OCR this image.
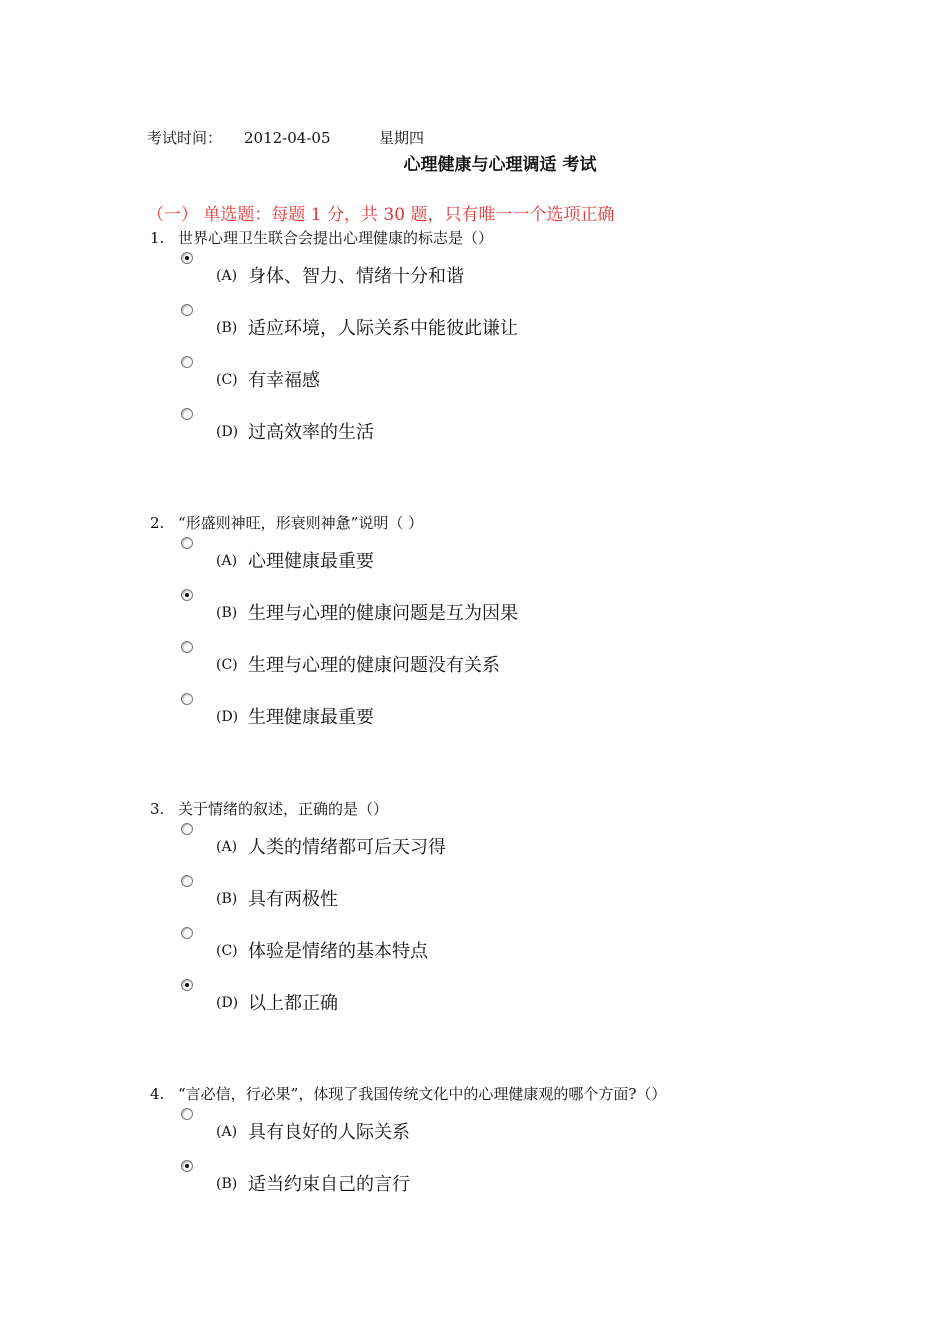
考试时间： 2012-04-05	星期四
心理健康与心理调适 考试
（一） 单选题：每题 1 分，共 30 题，只有唯一一个选项正确
1. 世界心理卫生联合会提出心理健康的标志是（）
(A) 身体、智力、情绪十分和谐
(B) 适应环境，人际关系中能彼此谦让
(C) 有幸福感
(D) 过高效率的生活
2. “形盛则神旺，形衰则神惫”说明（ ）
(A) 心理健康最重要
(B) 生理与心理的健康问题是互为因果
(C) 生理与心理的健康问题没有关系
(D) 生理健康最重要
3. 关于情绪的叙述，正确的是（）
(A) 人类的情绪都可后天习得
(B) 具有两极性
(C) 体验是情绪的基本特点
(D) 以上都正确
4. “言必信，行必果”，体现了我国传统文化中的心理健康观的哪个方面?（）
(A) 具有良好的人际关系
(B) 适当约束自己的言行
